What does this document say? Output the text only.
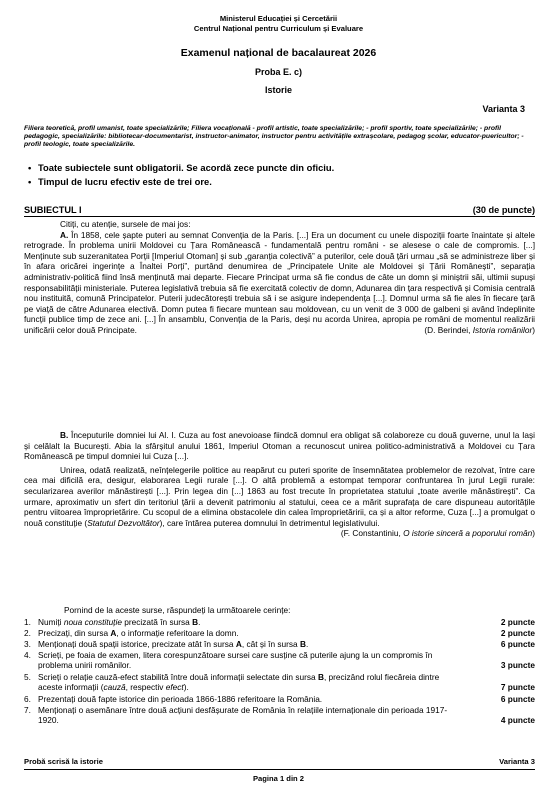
Ministerul Educației și Cercetării
Centrul Național pentru Curriculum și Evaluare
Examenul național de bacalaureat 2026
Proba E. c)
Istorie
Varianta 3
Filiera teoretică, profil umanist, toate specializările; Filiera vocațională - profil artistic, toate specializările; - profil sportiv, toate specializările; - profil pedagogic, specializările: bibliotecar-documentarist, instructor-animator, instructor pentru activitățile extrașcolare, pedagog școlar, educator-puericultor; - profil teologic, toate specializările.
• Toate subiectele sunt obligatorii. Se acordă zece puncte din oficiu.
• Timpul de lucru efectiv este de trei ore.
SUBIECTUL I	(30 de puncte)

Citiți, cu atenție, sursele de mai jos:

A. În 1858, cele șapte puteri au semnat Convenția de la Paris. [...] Era un document cu unele dispoziții foarte înaintate și altele retrograde. În problema unirii Moldovei cu Țara Românească - fundamentală pentru români - se alesese o cale de compromis. [...] Menținute sub suzeranitatea Porții [Imperiul Otoman] și sub „garanția colectivă” a puterilor, cele două țări urmau „să se administreze liber și în afara oricărei ingerințe a Înaltei Porți”, purtând denumirea de „Principatele Unite ale Moldovei și Țării Românești”, separația administrativ-politică fiind însă menținută mai departe. Fiecare Principat urma să fie condus de câte un domn și miniștrii săi, ultimii supuși responsabilității ministeriale. Puterea legislativă trebuia să fie exercitată colectiv de domn, Adunarea din țara respectivă și Comisia centrală nou instituită, comună Principatelor. Puterii judecătorești trebuia să i se asigure independența [...]. Domnul urma să fie ales în fiecare țară pe viață de către Adunarea electivă. Domn putea fi fiecare muntean sau moldovean, cu un venit de 3 000 de galbeni și având îndeplinite funcții publice timp de zece ani. [...] În ansamblu, Convenția de la Paris, deși nu acorda Unirea, apropia pe români de momentul realizării unificării celor două Principate.	(D. Berindei, Istoria românilor)

B. Începuturile domniei lui Al. I. Cuza au fost anevoioase fiindcă domnul era obligat să colaboreze cu două guverne, unul la Iași și celălalt la București. Abia la sfârșitul anului 1861, Imperiul Otoman a recunoscut unirea politico-administrativă a Moldovei cu Țara Românească pe timpul domniei lui Cuza [...].

Unirea, odată realizată, neînțelegerile politice au reapărut cu puteri sporite de însemnătatea problemelor de rezolvat, între care cea mai dificilă era, desigur, elaborarea Legii rurale [...]. O altă problemă a estompat temporar confruntarea în jurul Legii rurale: secularizarea averilor mănăstirești [...]. Prin legea din [...] 1863 au fost trecute în proprietatea statului „toate averile mănăstirești”. Ca urmare, aproximativ un sfert din teritoriul țării a devenit patrimoniu al statului, ceea ce a mărit suprafața de care dispuneau autoritățile pentru viitoarea împroprietărire. Cu scopul de a elimina obstacolele din calea împroprietăririi, ca și a altor reforme, Cuza [...] a promulgat o nouă constituție (Statutul Dezvoltător), care întărea puterea domnului în detrimentul legislativului.

(F. Constantiniu, O istorie sinceră a poporului român)
Pornind de la aceste surse, răspundeți la următoarele cerințe:
1. Numiți noua constituție precizată în sursa B.	2 puncte
2. Precizați, din sursa A, o informație referitoare la domn.	2 puncte
3. Menționați două spații istorice, precizate atât în sursa A, cât și în sursa B.	6 puncte
4. Scrieți, pe foaia de examen, litera corespunzătoare sursei care susține că puterile ajung la un compromis în problema unirii românilor.	3 puncte
5. Scrieți o relație cauză-efect stabilită între două informații selectate din sursa B, precizând rolul fiecăreia dintre aceste informații (cauză, respectiv efect).	7 puncte
6. Prezentați două fapte istorice din perioada 1866-1886 referitoare la România.	6 puncte
7. Menționați o asemănare între două acțiuni desfășurate de România în relațiile internaționale din perioada 1917-1920.	4 puncte
Probă scrisă la istorie	Varianta 3
Pagina 1 din 2
